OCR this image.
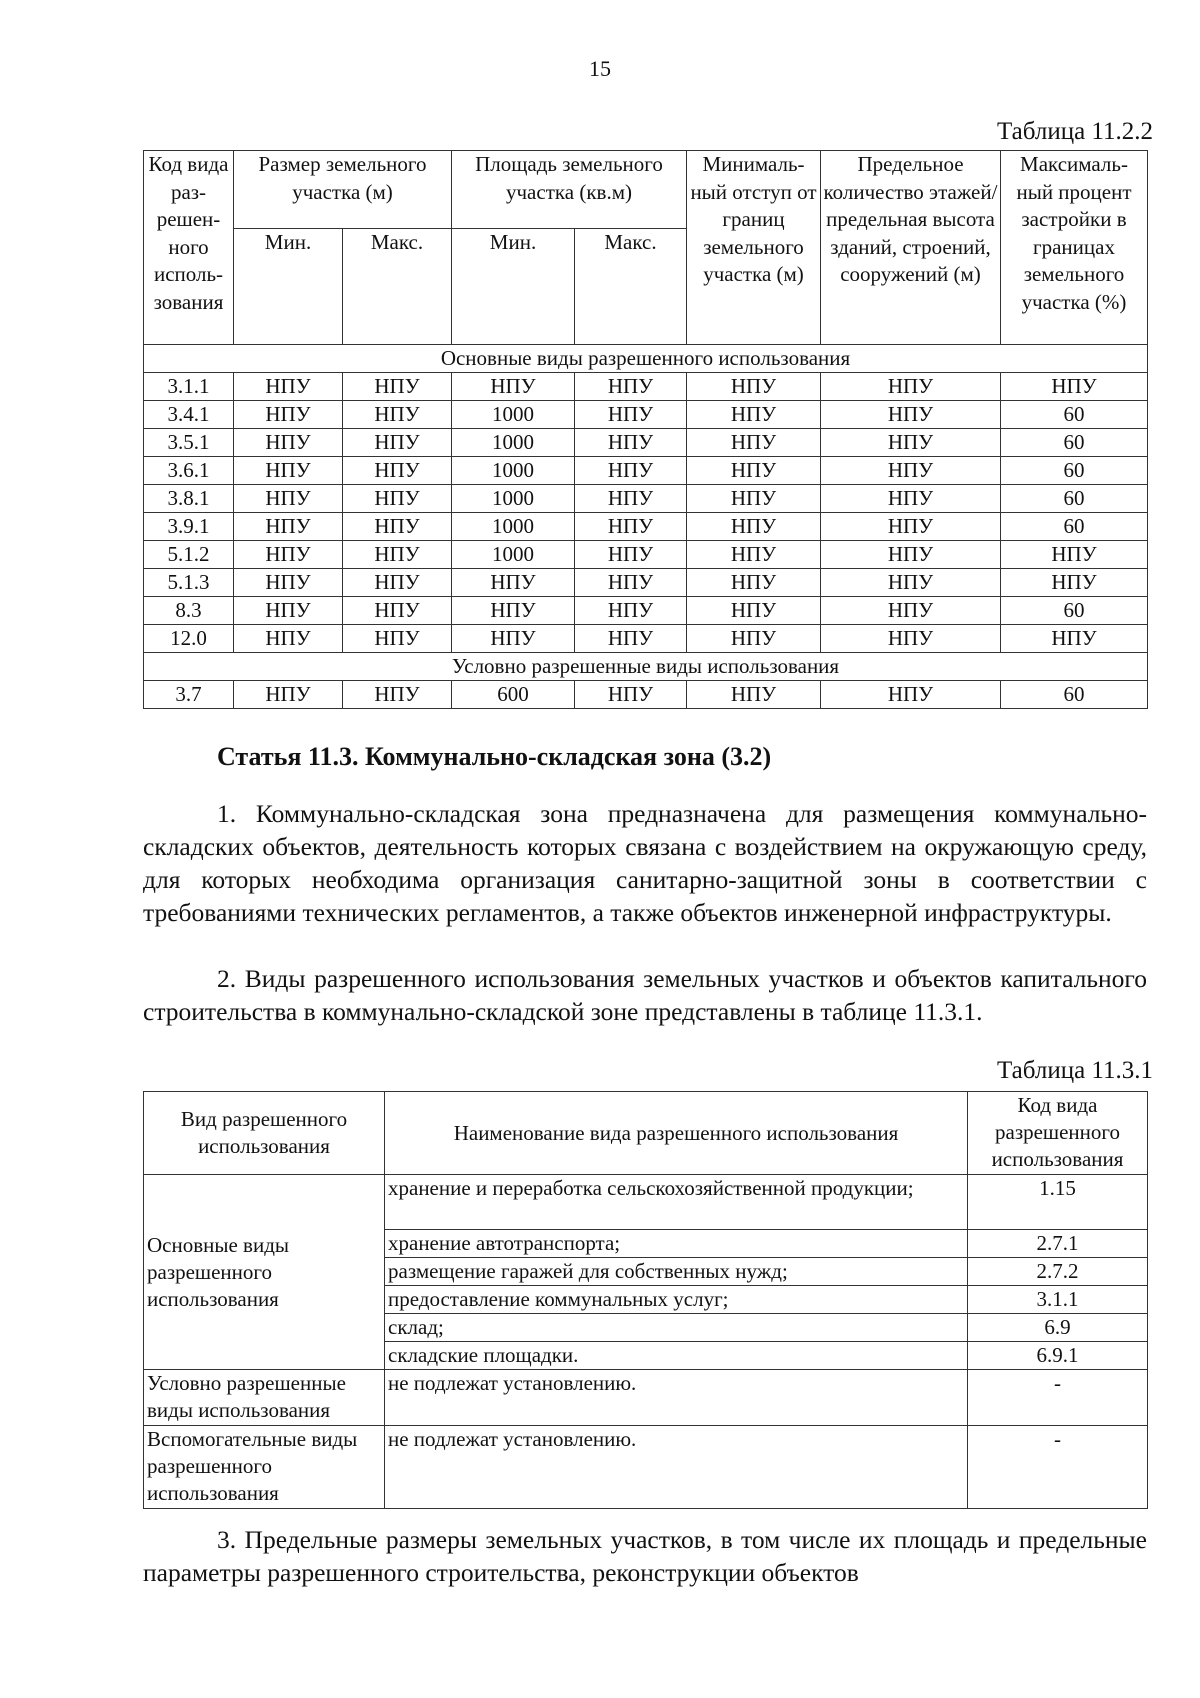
15
Таблица 11.2.2
Код вида раз- решен- ного исполь- зования	Размер земельного участка (м)		Площадь земельного участка (кв.м)		Минималь- ный отступ от границ земельного участка (м)	Предельное количество этажей/ предельная высота зданий, строений, сооружений (м)	Максималь- ный процент застройки в границах земельного участка (%)
	Мин.	Макс.	Мин.	Макс.			
Основные виды разрешенного использования							
3.1.1	НПУ	НПУ	НПУ	НПУ	НПУ	НПУ	НПУ
3.4.1	НПУ	НПУ	1000	НПУ	НПУ	НПУ	60
3.5.1	НПУ	НПУ	1000	НПУ	НПУ	НПУ	60
3.6.1	НПУ	НПУ	1000	НПУ	НПУ	НПУ	60
3.8.1	НПУ	НПУ	1000	НПУ	НПУ	НПУ	60
3.9.1	НПУ	НПУ	1000	НПУ	НПУ	НПУ	60
5.1.2	НПУ	НПУ	1000	НПУ	НПУ	НПУ	НПУ
5.1.3	НПУ	НПУ	НПУ	НПУ	НПУ	НПУ	НПУ
8.3	НПУ	НПУ	НПУ	НПУ	НПУ	НПУ	60
12.0	НПУ	НПУ	НПУ	НПУ	НПУ	НПУ	НПУ
Условно разрешенные виды использования							
3.7	НПУ	НПУ	600	НПУ	НПУ	НПУ	60
Статья 11.3. Коммунально-складская зона (3.2)
1. Коммунально-складская зона предназначена для размещения коммунально-складских объектов, деятельность которых связана с воздействием на окружающую среду, для которых необходима организация санитарно-защитной зоны в соответствии с требованиями технических регламентов, а также объектов инженерной инфраструктуры.
2. Виды разрешенного использования земельных участков и объектов капитального строительства в коммунально-складской зоне представлены в таблице 11.3.1.
Таблица 11.3.1
Вид разрешенного использования	Наименование вида разрешенного использования	Код вида разрешенного использования
Основные виды разрешенного использования	хранение и переработка сельскохозяйственной продукции;	1.15
	хранение автотранспорта;	2.7.1
	размещение гаражей для собственных нужд;	2.7.2
	предоставление коммунальных услуг;	3.1.1
	склад;	6.9
	складские площадки.	6.9.1
Условно разрешенные виды использования	не подлежат установлению.	-
Вспомогательные виды разрешенного использования	не подлежат установлению.	-
3. Предельные размеры земельных участков, в том числе их площадь и предельные параметры разрешенного строительства, реконструкции объектов
